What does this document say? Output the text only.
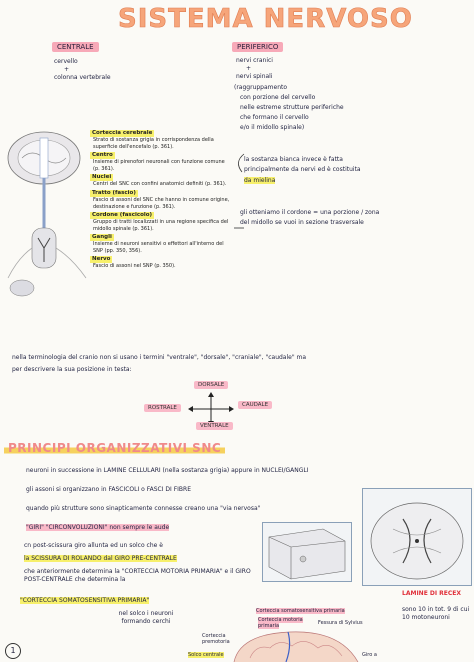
SISTEMA NERVOSO
CENTRALE
cervello
+
colonna vertebrale
PERIFERICO
nervi cranici
+
nervi spinali
(raggruppamento
con porzione del cervello
nelle estreme strutture periferiche
che formano il cervello
e/o il midollo spinale)
Corteccia cerebrale
Strato di sostanza grigia in corrispondenza della superficie dell'encefalo (p. 361).
Centro
Insieme di pirenofori neuronali con funzione comune (p. 361).
Nuclei
Centri del SNC con confini anatomici definiti (p. 361).
Tratto (fascio)
Fascio di assoni del SNC che hanno in comune origine, destinazione e funzione (p. 361).
Cordone (fascicolo)
Gruppo di tratti localizzati in una regione specifica del midollo spinale (p. 361).
Gangli
Insieme di neuroni sensitivi o effettori all'interno del SNP (pp. 350, 356).
Nervo
Fascio di assoni nel SNP (p. 350).
la sostanza bianca invece è fatta
principalmente da nervi ed è costituita
da mielina
gli otteniamo il cordone = una porzione / zona
del midollo se vuoi in sezione trasversale
nella terminologia del cranio non si usano i termini "ventrale", "dorsale", "craniale", "caudale" ma
per descrivere la sua posizione in testa:
DORSALE
ROSTRALE	CAUDALE
VENTRALE
PRINCIPI ORGANIZZATIVI SNC
neuroni in successione in LAMINE CELLULARI (nella sostanza grigia) appure in NUCLEI/GANGLI
gli assoni si organizzano in FASCICOLI o FASCI DI FIBRE
quando più strutture sono sinapticamente connesse creano una "via nervosa"
"GIRI" "CIRCONVOLUZIONI" non sempre le aude
cn post-scissura giro allunta ed un solco che è
la SCISSURA DI ROLANDO dal GIRO PRE-CENTRALE
che anteriormente determina la "CORTECCIA MOTORIA PRIMARIA" e il GIRO POST-CENTRALE che determina la
"CORTECCIA SOMATOSENSITIVA PRIMARIA"
LAMINE DI RECEX
sono 10 in tot. 9 di cui 10 motoneuroni
Corteccia somatosensitiva primaria
Corteccia motoria primaria	Fessura di Sylvius
Corteccia premotoria
Solco centrale	Giro a
nel solco i neuroni formando cerchi
1
